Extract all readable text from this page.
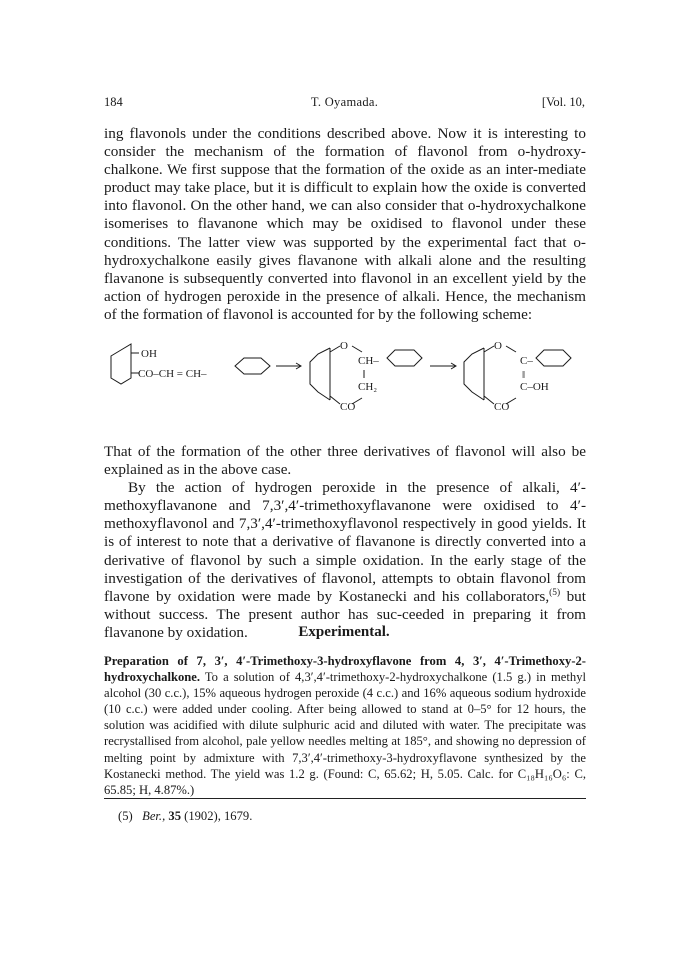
184	T. Oyamada.	[Vol. 10,

ing flavonols under the conditions described above. Now it is interesting to consider the mechanism of the formation of flavonol from o-hydroxy-chalkone. We first suppose that the formation of the oxide as an inter-mediate product may take place, but it is difficult to explain how the oxide is converted into flavonol. On the other hand, we can also consider that o-hydroxychalkone isomerises to flavanone which may be oxidised to flavonol under these conditions. The latter view was supported by the experimental fact that o-hydroxychalkone easily gives flavanone with alkali alone and the resulting flavanone is subsequently converted into flavonol in an excellent yield by the action of hydrogen peroxide in the presence of alkali. Hence, the mechanism of the formation of flavonol is accounted for by the following scheme:

OH
CO–CH = CH–
O
CH–
CH₂
CO
O
C–
‖
C–OH
CO

That of the formation of the other three derivatives of flavonol will also be explained as in the above case.

By the action of hydrogen peroxide in the presence of alkali, 4′-methoxyflavanone and 7,3′,4′-trimethoxyflavanone were oxidised to 4′-methoxyflavonol and 7,3′,4′-trimethoxyflavonol respectively in good yields. It is of interest to note that a derivative of flavanone is directly converted into a derivative of flavonol by such a simple oxidation. In the early stage of the investigation of the derivatives of flavonol, attempts to obtain flavonol from flavone by oxidation were made by Kostanecki and his collaborators,$^{(5)}$ but without success. The present author has suc-ceeded in preparing it from flavanone by oxidation.	Experimental.
Preparation of 7, 3′, 4′-Trimethoxy-3-hydroxyflavone from 4, 3′, 4′-Trimethoxy-2-hydroxychalkone. To a solution of 4,3′,4′-trimethoxy-2-hydroxychalkone (1.5 g.) in methyl alcohol (30 c.c.), 15% aqueous hydrogen peroxide (4 c.c.) and 16% aqueous sodium hydroxide (10 c.c.) were added under cooling. After being allowed to stand at 0–5° for 12 hours, the solution was acidified with dilute sulphuric acid and diluted with water. The precipitate was recrystallised from alcohol, pale yellow needles melting at 185°, and showing no depression of melting point by admixture with 7,3′,4′-trimethoxy-3-hydroxyflavone synthesized by the Kostanecki method. The yield was 1.2 g. (Found: C, 65.62; H, 5.05. Calc. for C₁₈H₁₆O₆: C, 65.85; H, 4.87%.)
(5) Ber., 35 (1902), 1679.
